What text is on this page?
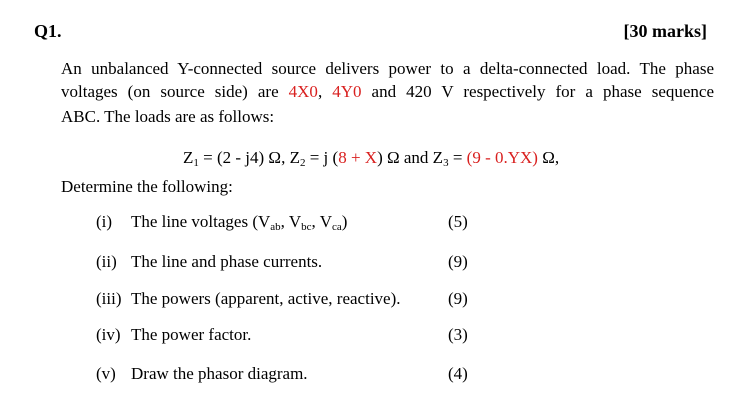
Q1.	[30 marks]
An unbalanced Y-connected source delivers power to a delta-connected load. The phase
voltages (on source side) are 4X0, 4Y0 and 420 V respectively for a phase sequence
ABC. The loads are as follows:
$Z_1 = (2 - j4)$ Ω, $Z_2 = j$ (8 + X) Ω and $Z_3 = (9 - 0.YX)$ Ω,
Determine the following:
(i) The line voltages ($V_{ab}$, $V_{bc}$, $V_{ca}$)	(5)
(ii) The line and phase currents.	(9)
(iii) The powers (apparent, active, reactive).	(9)
(iv) The power factor.	(3)
(v) Draw the phasor diagram.	(4)
